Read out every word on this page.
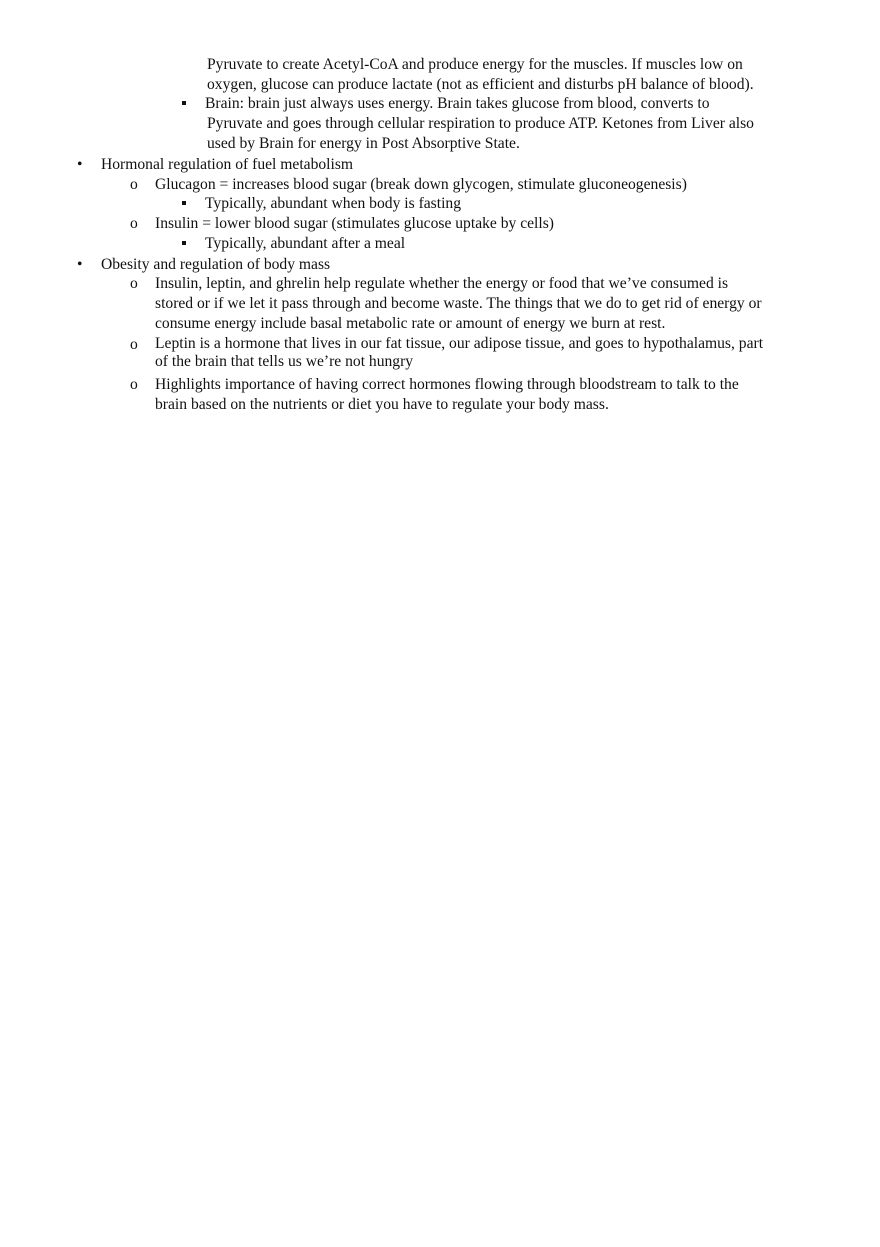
Pyruvate to create Acetyl-CoA and produce energy for the muscles. If muscles low on
oxygen, glucose can produce lactate (not as efficient and disturbs pH balance of blood).
Brain: brain just always uses energy. Brain takes glucose from blood, converts to
Pyruvate and goes through cellular respiration to produce ATP. Ketones from Liver also
used by Brain for energy in Post Absorptive State.
• Hormonal regulation of fuel metabolism
o Glucagon = increases blood sugar (break down glycogen, stimulate gluconeogenesis)
Typically, abundant when body is fasting
o Insulin = lower blood sugar (stimulates glucose uptake by cells)
Typically, abundant after a meal
• Obesity and regulation of body mass
o Insulin, leptin, and ghrelin help regulate whether the energy or food that we’ve consumed is
stored or if we let it pass through and become waste. The things that we do to get rid of energy or
consume energy include basal metabolic rate or amount of energy we burn at rest.
o Leptin is a hormone that lives in our fat tissue, our adipose tissue, and goes to hypothalamus, part
of the brain that tells us we’re not hungry
o Highlights importance of having correct hormones flowing through bloodstream to talk to the
brain based on the nutrients or diet you have to regulate your body mass.
